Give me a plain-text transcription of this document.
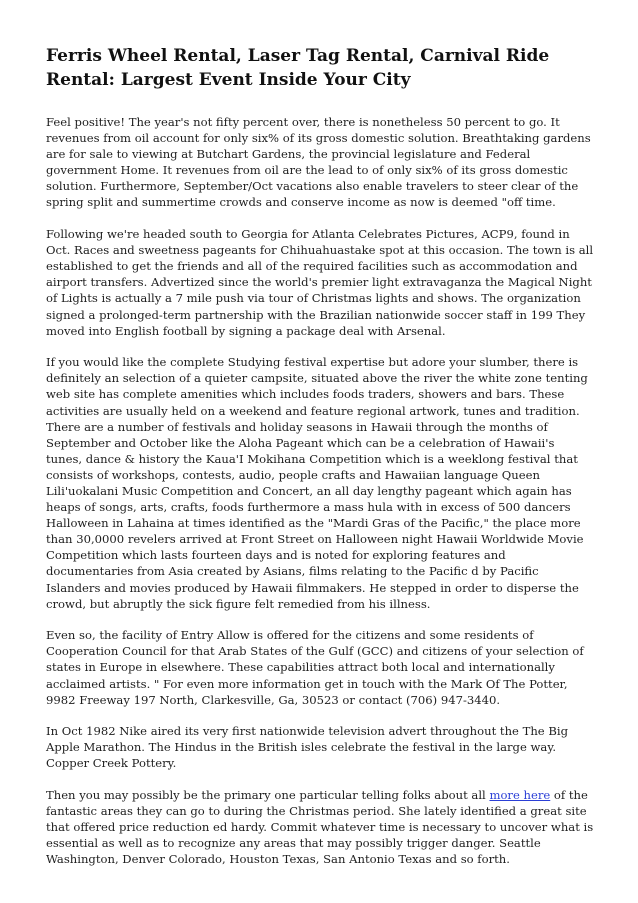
Ferris Wheel Rental, Laser Tag Rental, Carnival Ride Rental: Largest Event Inside Your City

Feel positive! The year's not fifty percent over, there is nonetheless 50 percent to go. It revenues from oil account for only six% of its gross domestic solution. Breathtaking gardens are for sale to viewing at Butchart Gardens, the provincial legislature and Federal government Home. It revenues from oil are the lead to of only six% of its gross domestic solution. Furthermore, September/Oct vacations also enable travelers to steer clear of the spring split and summertime crowds and conserve income as now is deemed "off time.

Following we're headed south to Georgia for Atlanta Celebrates Pictures, ACP9, found in Oct. Races and sweetness pageants for Chihuahuastake spot at this occasion. The town is all established to get the friends and all of the required facilities such as accommodation and airport transfers. Advertized since the world's premier light extravaganza the Magical Night of Lights is actually a 7 mile push via tour of Christmas lights and shows. The organization signed a prolonged-term partnership with the Brazilian nationwide soccer staff in 199 They moved into English football by signing a package deal with Arsenal.

If you would like the complete Studying festival expertise but adore your slumber, there is definitely an selection of a quieter campsite, situated above the river the white zone tenting web site has complete amenities which includes foods traders, showers and bars. These activities are usually held on a weekend and feature regional artwork, tunes and tradition. There are a number of festivals and holiday seasons in Hawaii through the months of September and October like the Aloha Pageant which can be a celebration of Hawaii's tunes, dance & history the Kaua'I Mokihana Competition which is a weeklong festival that consists of workshops, contests, audio, people crafts and Hawaiian language Queen Lili'uokalani Music Competition and Concert, an all day lengthy pageant which again has heaps of songs, arts, crafts, foods furthermore a mass hula with in excess of 500 dancers Halloween in Lahaina at times identified as the "Mardi Gras of the Pacific," the place more than 30,0000 revelers arrived at Front Street on Halloween night Hawaii Worldwide Movie Competition which lasts fourteen days and is noted for exploring features and documentaries from Asia created by Asians, films relating to the Pacific d by Pacific Islanders and movies produced by Hawaii filmmakers. He stepped in order to disperse the crowd, but abruptly the sick figure felt remedied from his illness.

Even so, the facility of Entry Allow is offered for the citizens and some residents of Cooperation Council for that Arab States of the Gulf (GCC) and citizens of your selection of states in Europe in elsewhere. These capabilities attract both local and internationally acclaimed artists. " For even more information get in touch with the Mark Of The Potter, 9982 Freeway 197 North, Clarkesville, Ga, 30523 or contact (706) 947-3440.

In Oct 1982 Nike aired its very first nationwide television advert throughout the The Big Apple Marathon. The Hindus in the British isles celebrate the festival in the large way. Copper Creek Pottery.

Then you may possibly be the primary one particular telling folks about all more here of the fantastic areas they can go to during the Christmas period. She lately identified a great site that offered price reduction ed hardy. Commit whatever time is necessary to uncover what is essential as well as to recognize any areas that may possibly trigger danger. Seattle Washington, Denver Colorado, Houston Texas, San Antonio Texas and so forth.
